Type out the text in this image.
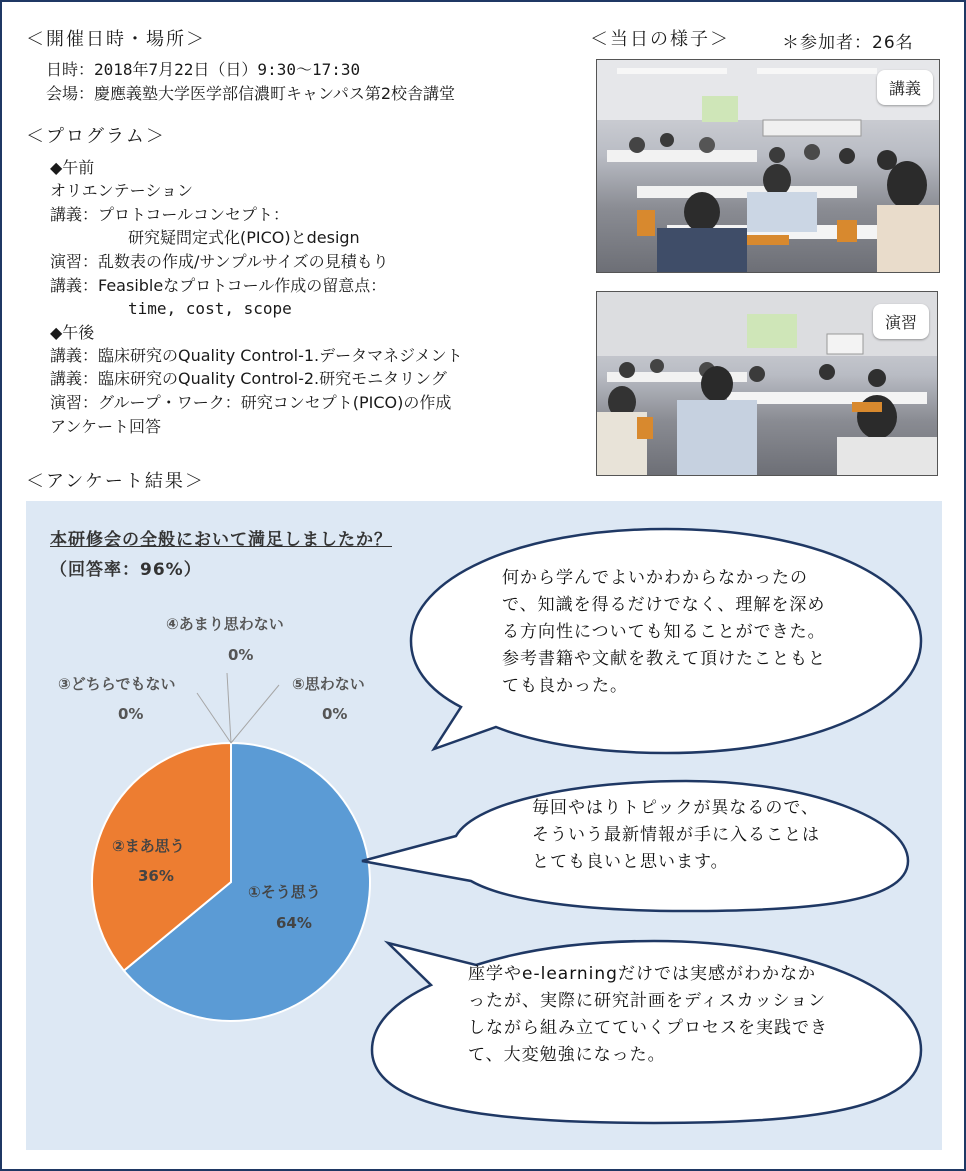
＜開催日時・場所＞
日時：2018年7月22日（日）9:30～17:30
会場：慶應義塾大学医学部信濃町キャンパス第2校舎講堂
＜プログラム＞
◆午前
オリエンテーション
講義：プロトコールコンセプト：
研究疑問定式化(PICO)とdesign
演習：乱数表の作成/サンプルサイズの見積もり
講義：Feasibleなプロトコール作成の留意点：
time, cost, scope
◆午後
講義：臨床研究のQuality Control-1.データマネジメント
講義：臨床研究のQuality Control-2.研究モニタリング
演習：グループ・ワーク：研究コンセプト(PICO)の作成
アンケート回答
＜当日の様子＞	＊参加者：26名
講義
演習
＜アンケート結果＞
本研修会の全般において満足しましたか？
（回答率：96%）
④あまり思わない
0%
③どちらでもない
0%
⑤思わない
0%
②まあ思う
36%
①そう思う
64%
何から学んでよいかわからなかったので、知識を得るだけでなく、理解を深める方向性についても知ることができた。参考書籍や文献を教えて頂けたこともとても良かった。
毎回やはりトピックが異なるので、そういう最新情報が手に入ることはとても良いと思います。
座学やe-learningだけでは実感がわかなかったが、実際に研究計画をディスカッションしながら組み立てていくプロセスを実践できて、大変勉強になった。
